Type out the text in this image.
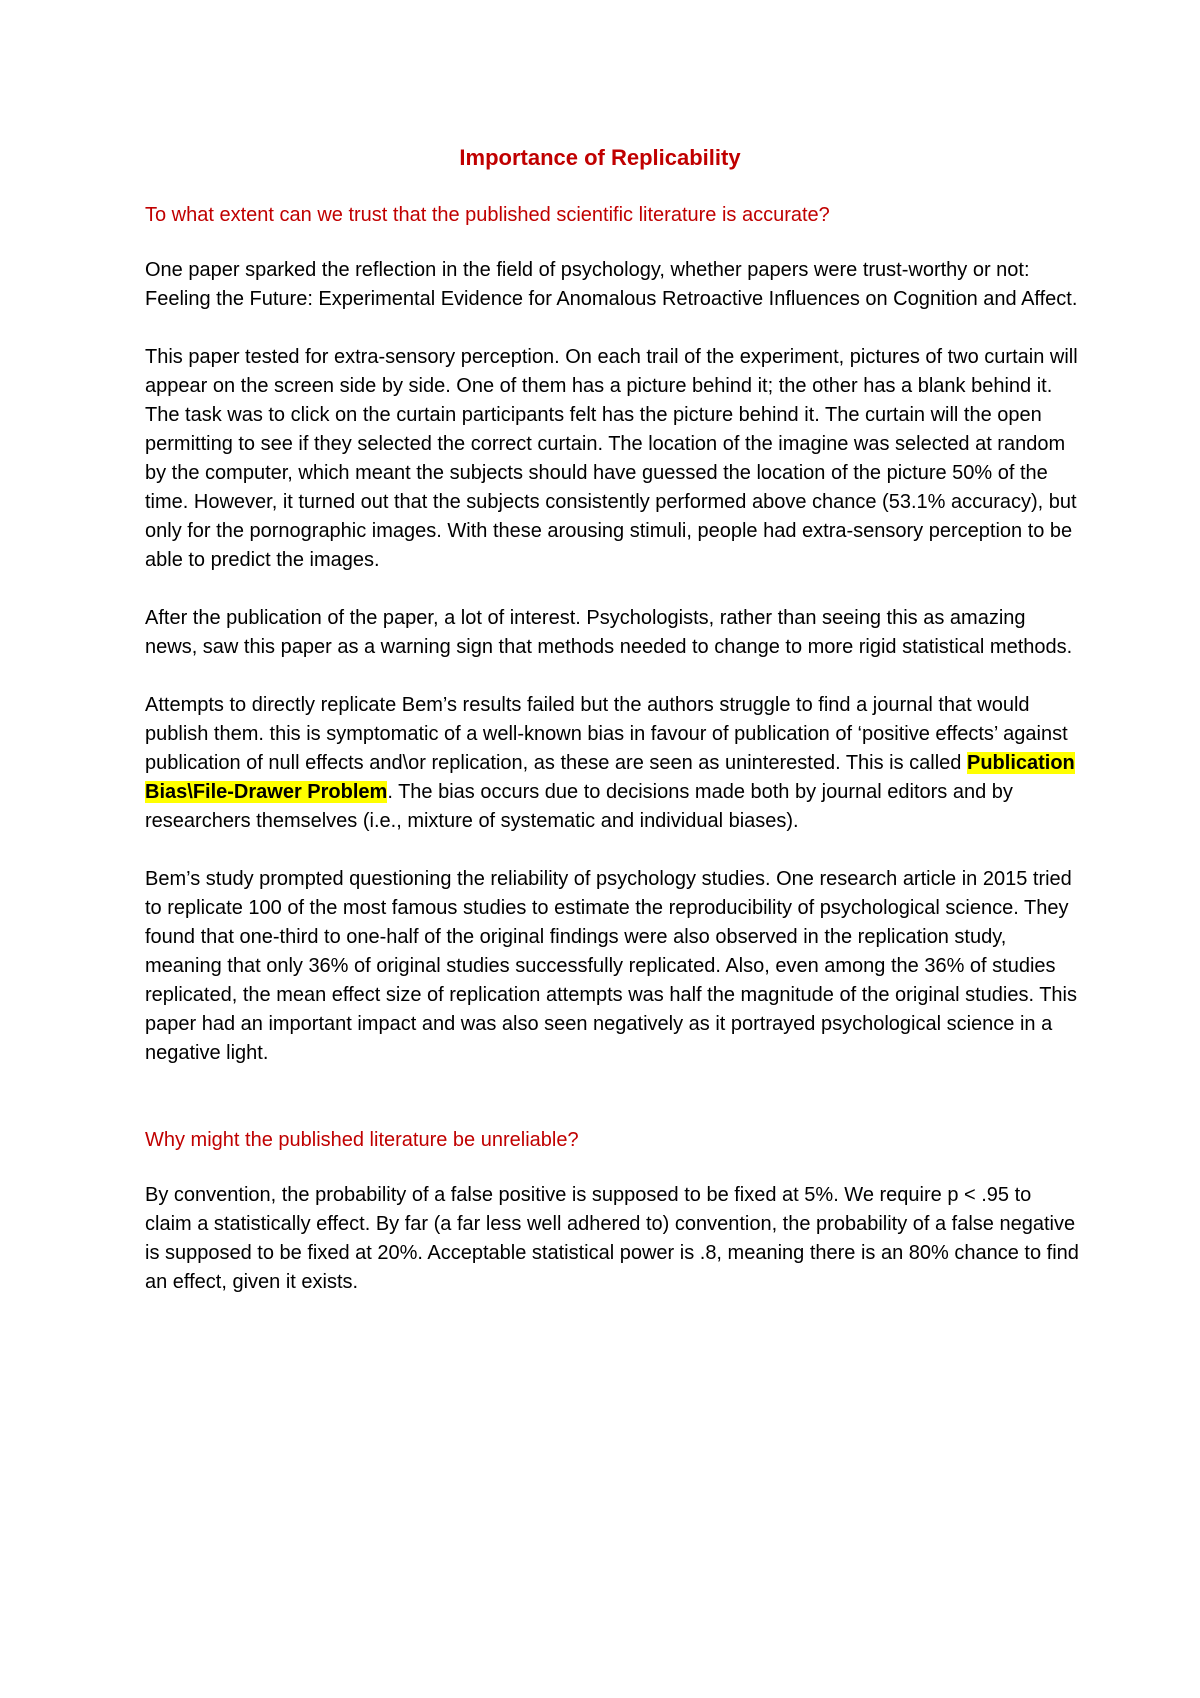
Importance of Replicability

To what extent can we trust that the published scientific literature is accurate?

One paper sparked the reflection in the field of psychology, whether papers were trust-worthy or not: Feeling the Future: Experimental Evidence for Anomalous Retroactive Influences on Cognition and Affect.

This paper tested for extra-sensory perception. On each trail of the experiment, pictures of two curtain will appear on the screen side by side. One of them has a picture behind it; the other has a blank behind it. The task was to click on the curtain participants felt has the picture behind it. The curtain will the open permitting to see if they selected the correct curtain. The location of the imagine was selected at random by the computer, which meant the subjects should have guessed the location of the picture 50% of the time. However, it turned out that the subjects consistently performed above chance (53.1% accuracy), but only for the pornographic images. With these arousing stimuli, people had extra-sensory perception to be able to predict the images.

After the publication of the paper, a lot of interest. Psychologists, rather than seeing this as amazing news, saw this paper as a warning sign that methods needed to change to more rigid statistical methods.

Attempts to directly replicate Bem’s results failed but the authors struggle to find a journal that would publish them. this is symptomatic of a well-known bias in favour of publication of ‘positive effects’ against publication of null effects and\or replication, as these are seen as uninterested. This is called Publication Bias\File-Drawer Problem. The bias occurs due to decisions made both by journal editors and by researchers themselves (i.e., mixture of systematic and individual biases).

Bem’s study prompted questioning the reliability of psychology studies. One research article in 2015 tried to replicate 100 of the most famous studies to estimate the reproducibility of psychological science. They found that one-third to one-half of the original findings were also observed in the replication study, meaning that only 36% of original studies successfully replicated. Also, even among the 36% of studies replicated, the mean effect size of replication attempts was half the magnitude of the original studies. This paper had an important impact and was also seen negatively as it portrayed psychological science in a negative light.

Why might the published literature be unreliable?

By convention, the probability of a false positive is supposed to be fixed at 5%. We require p < .95 to claim a statistically effect. By far (a far less well adhered to) convention, the probability of a false negative is supposed to be fixed at 20%. Acceptable statistical power is .8, meaning there is an 80% chance to find an effect, given it exists.
